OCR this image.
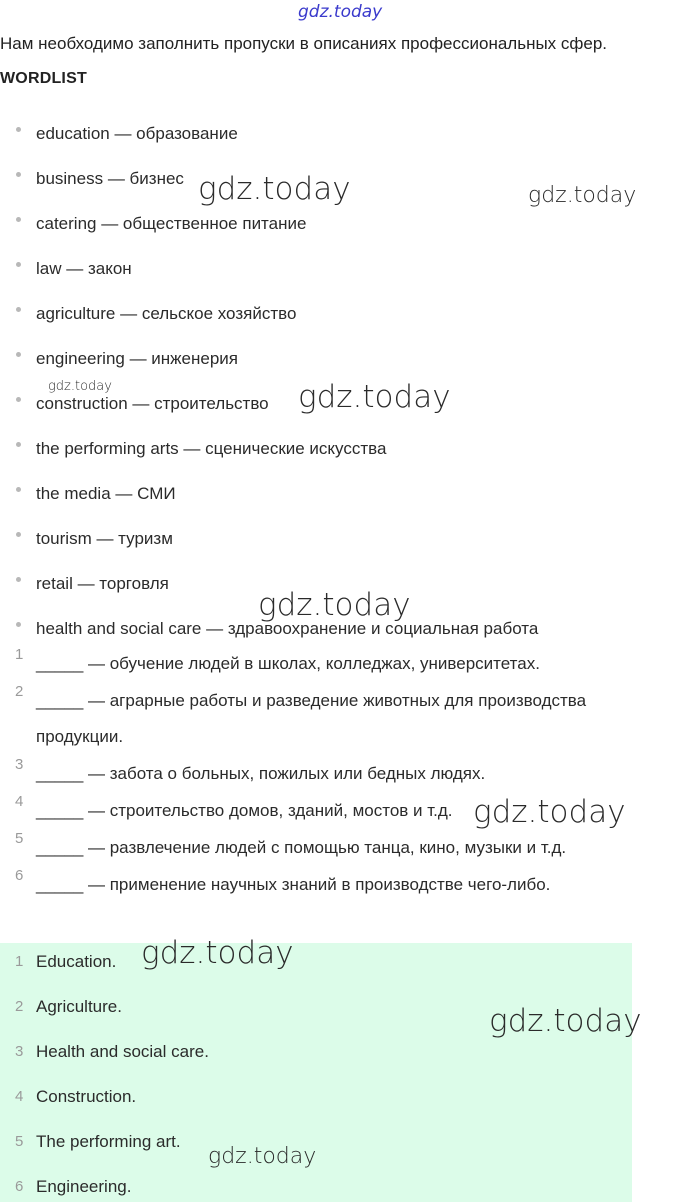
gdz.today
gdz.today	gdz.today
gdz.today	gdz.today
gdz.today
gdz.today
Нам необходимо заполнить пропуски в описаниях профессиональных сфер.
WORDLIST
education — образование
business — бизнес
catering — общественное питание
law — закон
agriculture — сельское хозяйство
engineering — инженерия
construction — строительство
the performing arts — сценические искусства
the media — СМИ
tourism — туризм
retail — торговля
health and social care — здравоохранение и социальная работа
1 _____ — обучение людей в школах, колледжах, университетах.
2 _____ — аграрные работы и разведение животных для производства продукции.
3 _____ — забота о больных, пожилых или бедных людях.
4 _____ — строительство домов, зданий, мостов и т.д.
5 _____ — развлечение людей с помощью танца, кино, музыки и т.д.
6 _____ — применение научных знаний в производстве чего-либо.
1 Education.
2 Agriculture.
3 Health and social care.
4 Construction.
5 The performing art.
6 Engineering.
gdz.today
gdz.today
gdz.today
